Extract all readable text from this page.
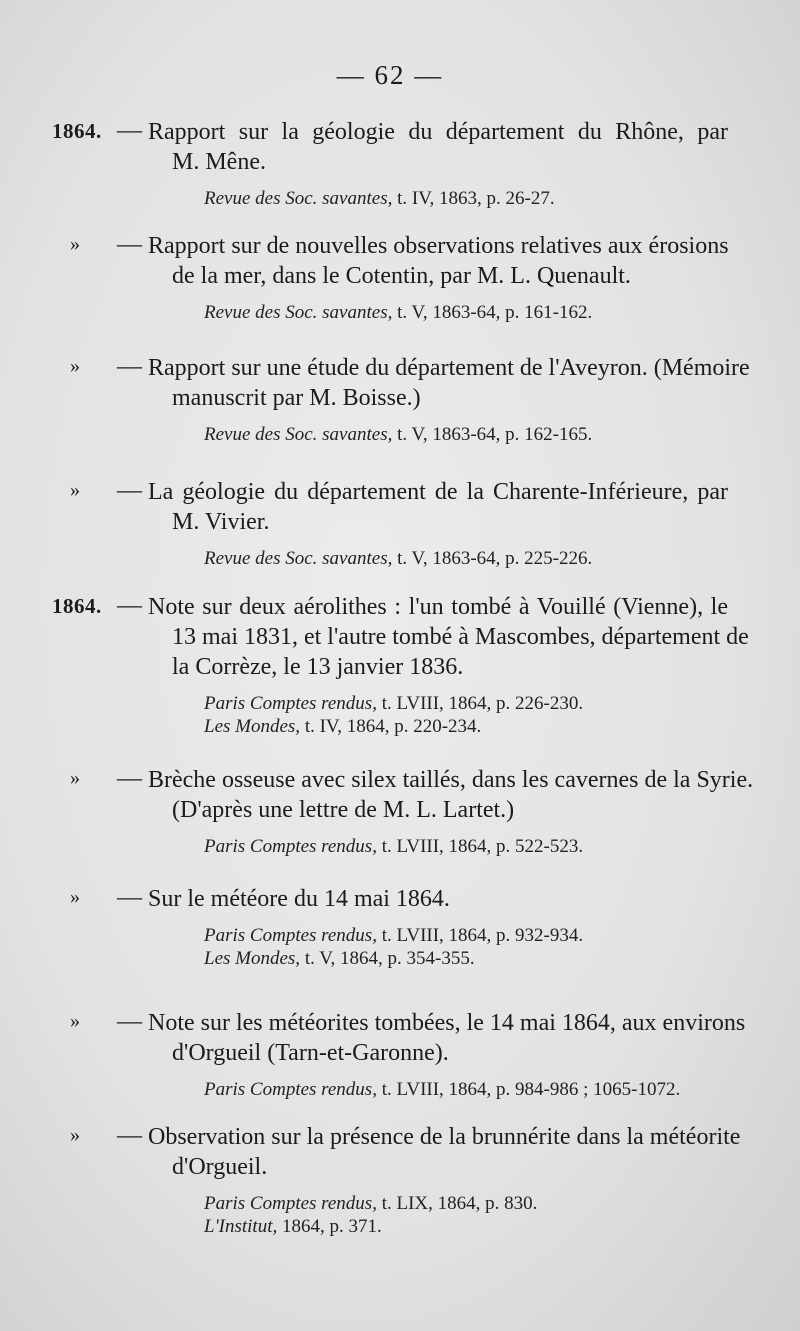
— 62 —
1864. — Rapport sur la géologie du département du Rhône, par
M. Mêne.
Revue des Soc. savantes, t. IV, 1863, p. 26-27.
» — Rapport sur de nouvelles observations relatives aux érosions
de la mer, dans le Cotentin, par M. L. Quenault.
Revue des Soc. savantes, t. V, 1863-64, p. 161-162.
» — Rapport sur une étude du département de l'Aveyron. (Mémoire
manuscrit par M. Boisse.)
Revue des Soc. savantes, t. V, 1863-64, p. 162-165.
» — La géologie du département de la Charente-Inférieure, par
M. Vivier.
Revue des Soc. savantes, t. V, 1863-64, p. 225-226.
1864. — Note sur deux aérolithes : l'un tombé à Vouillé (Vienne), le
13 mai 1831, et l'autre tombé à Mascombes, département de
la Corrèze, le 13 janvier 1836.
Paris Comptes rendus, t. LVIII, 1864, p. 226-230.
Les Mondes, t. IV, 1864, p. 220-234.
» — Brèche osseuse avec silex taillés, dans les cavernes de la Syrie.
(D'après une lettre de M. L. Lartet.)
Paris Comptes rendus, t. LVIII, 1864, p. 522-523.
» — Sur le météore du 14 mai 1864.
Paris Comptes rendus, t. LVIII, 1864, p. 932-934.
Les Mondes, t. V, 1864, p. 354-355.
» — Note sur les météorites tombées, le 14 mai 1864, aux environs
d'Orgueil (Tarn-et-Garonne).
Paris Comptes rendus, t. LVIII, 1864, p. 984-986 ; 1065-1072.
» — Observation sur la présence de la brunnérite dans la météorite
d'Orgueil.
Paris Comptes rendus, t. LIX, 1864, p. 830.
L'Institut, 1864, p. 371.
